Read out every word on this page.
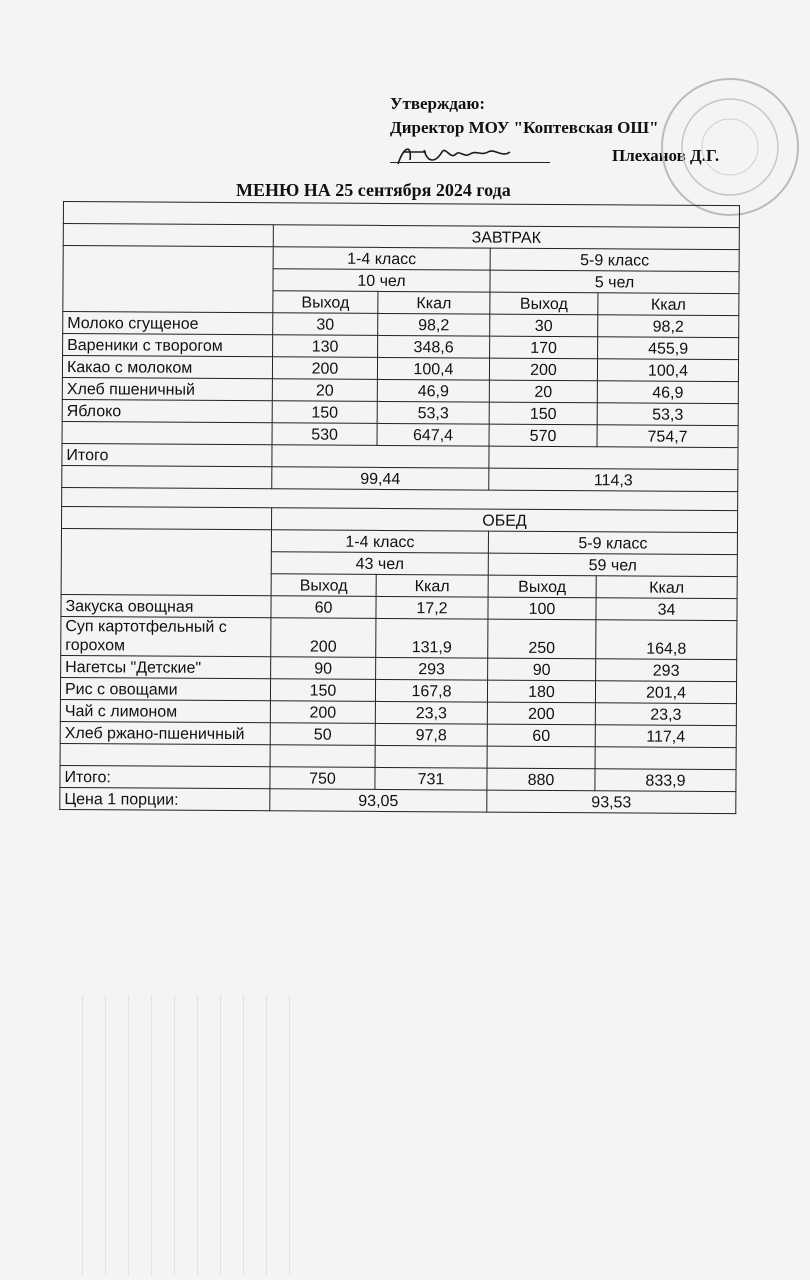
Утверждаю:
Директор МОУ "Коптевская ОШ"
Плеханов Д.Г.
МЕНЮ НА 25 сентября 2024 года

	ЗАВТРАК			
	1-4 класс		5-9 класс	
	10 чел		5 чел	
	Выход	Ккал	Выход	Ккал
Молоко сгущеное	30	98,2	30	98,2
Вареники с творогом	130	348,6	170	455,9
Какао с молоком	200	100,4	200	100,4
Хлеб пшеничный	20	46,9	20	46,9
Яблоко	150	53,3	150	53,3
	530	647,4	570	754,7
Итого				
	99,44		114,3	

	ОБЕД			
	1-4 класс		5-9 класс	
	43 чел		59 чел	
	Выход	Ккал	Выход	Ккал
Закуска овощная	60	17,2	100	34
Суп картотфельный с горохом	200	131,9	250	164,8
Нагетсы "Детские"	90	293	90	293
Рис с овощами	150	167,8	180	201,4
Чай с лимоном	200	23,3	200	23,3
Хлеб ржано-пшеничный	50	97,8	60	117,4

Итого:	750	731	880	833,9
Цена 1 порции:	93,05		93,53	
